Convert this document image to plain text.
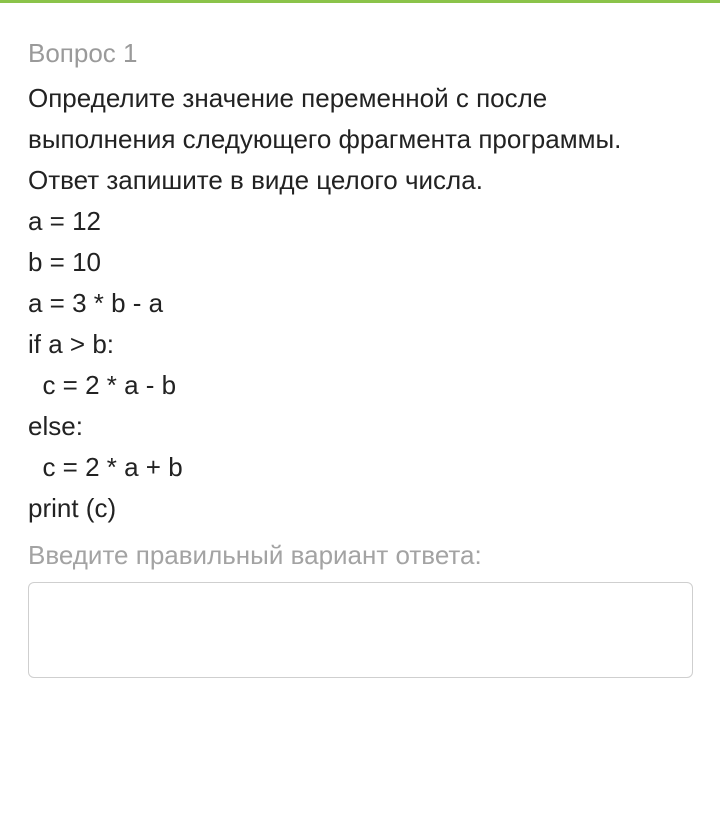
Вопрос 1
Определите значение переменной с после
выполнения следующего фрагмента программы.
Ответ запишите в виде целого числа.
a = 12
b = 10
a = 3 * b - a
if a > b:
c = 2 * a - b
else:
c = 2 * a + b
print (c)
Введите правильный вариант ответа:
